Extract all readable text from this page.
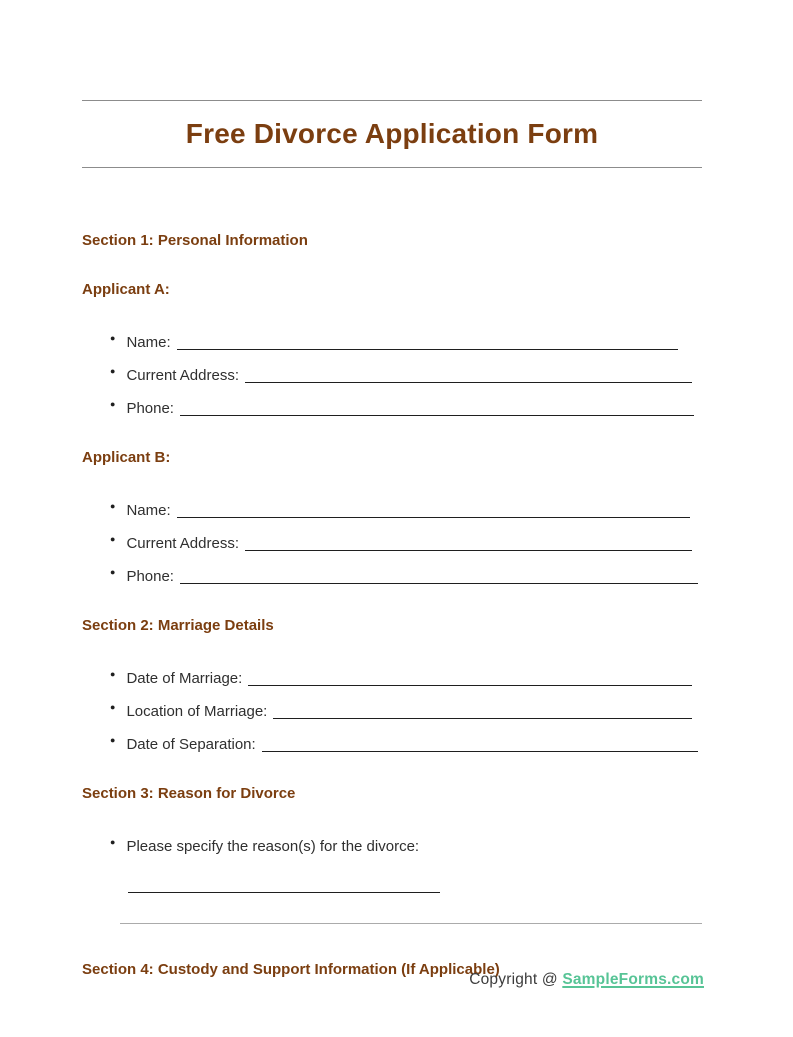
Free Divorce Application Form
Section 1: Personal Information
Applicant A:
● Name:
● Current Address:
● Phone:
Applicant B:
● Name:
● Current Address:
● Phone:
Section 2: Marriage Details
● Date of Marriage:
● Location of Marriage:
● Date of Separation:
Section 3: Reason for Divorce
● Please specify the reason(s) for the divorce:
Section 4: Custody and Support Information (If Applicable)
Copyright @ SampleForms.com
